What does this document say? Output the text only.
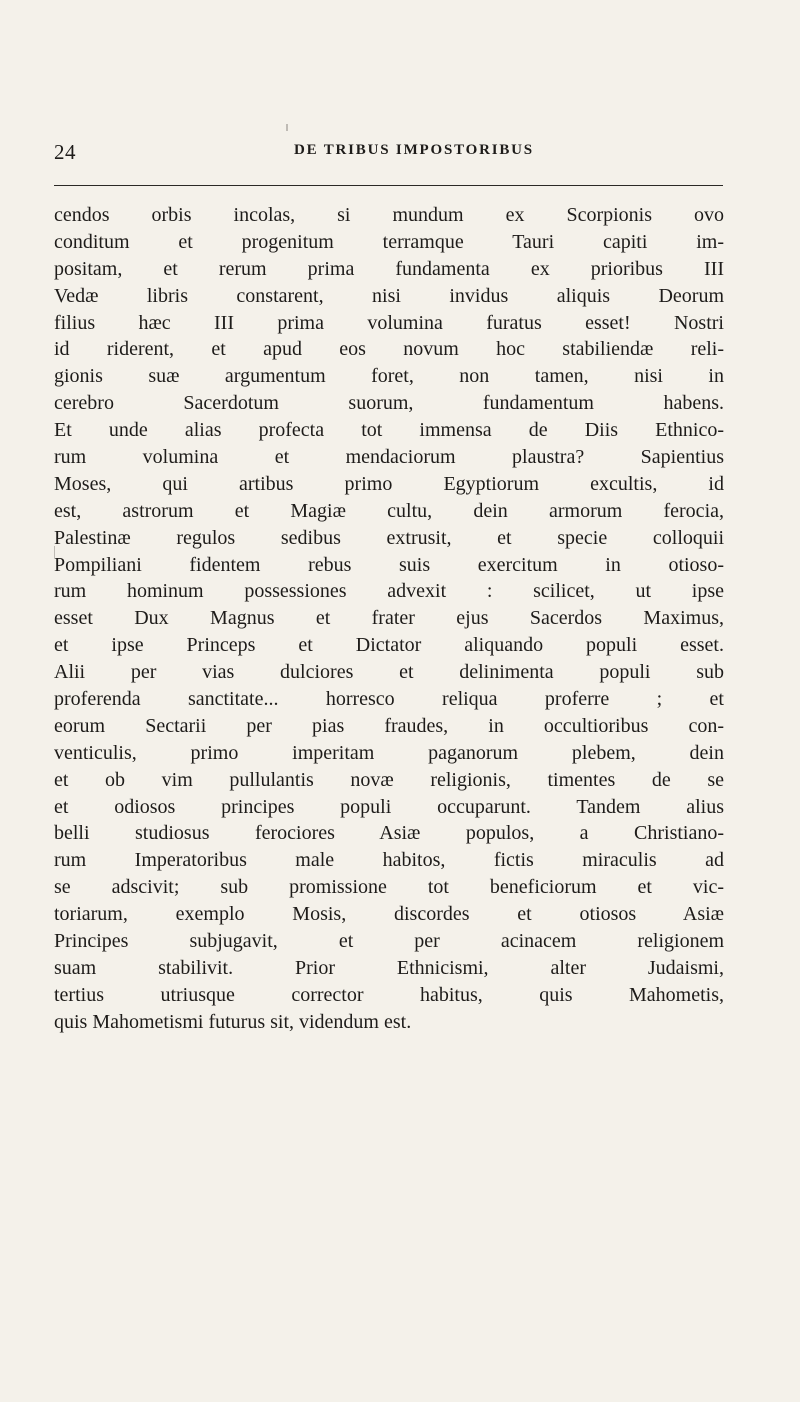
24	DE TRIBUS IMPOSTORIBUS
cendos orbis incolas, si mundum ex Scorpionis ovo
conditum et progenitum terramque Tauri capiti im-
positam, et rerum prima fundamenta ex prioribus III
Vedæ libris constarent, nisi invidus aliquis Deorum
filius hæc III prima volumina furatus esset! Nostri
id riderent, et apud eos novum hoc stabiliendæ reli-
gionis suæ argumentum foret, non tamen, nisi in
cerebro Sacerdotum suorum, fundamentum habens.
Et unde alias profecta tot immensa de Diis Ethnico-
rum volumina et mendaciorum plaustra? Sapientius
Moses, qui artibus primo Egyptiorum excultis, id
est, astrorum et Magiæ cultu, dein armorum ferocia,
Palestinæ regulos sedibus extrusit, et specie colloquii
Pompiliani fidentem rebus suis exercitum in otioso-
rum hominum possessiones advexit : scilicet, ut ipse
esset Dux Magnus et frater ejus Sacerdos Maximus,
et ipse Princeps et Dictator aliquando populi esset.
Alii per vias dulciores et delinimenta populi sub
proferenda sanctitate... horresco reliqua proferre ; et
eorum Sectarii per pias fraudes, in occultioribus con-
venticulis, primo imperitam paganorum plebem, dein
et ob vim pullulantis novæ religionis, timentes de se
et odiosos principes populi occuparunt. Tandem alius
belli studiosus ferociores Asiæ populos, a Christiano-
rum Imperatoribus male habitos, fictis miraculis ad
se adscivit; sub promissione tot beneficiorum et vic-
toriarum, exemplo Mosis, discordes et otiosos Asiæ
Principes subjugavit, et per acinacem religionem
suam stabilivit. Prior Ethnicismi, alter Judaismi,
tertius utriusque corrector habitus, quis Mahometis,
quis Mahometismi futurus sit, videndum est.
